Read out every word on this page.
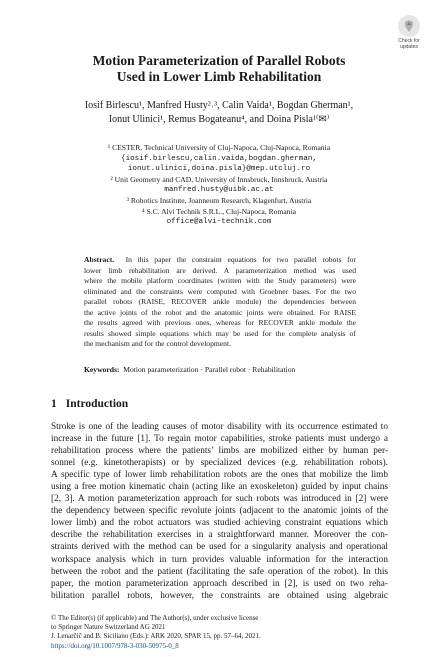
Check for
updates
Motion Parameterization of Parallel Robots
Used in Lower Limb Rehabilitation
Iosif Birlescu¹, Manfred Husty²˒³, Calin Vaida¹, Bogdan Gherman¹,
Ionut Ulinici¹, Remus Bogateanu⁴, and Doina Pisla¹⁽✉⁾
¹ CESTER, Technical University of Cluj-Napoca, Cluj-Napoca, Romania
{iosif.birlescu,calin.vaida,bogdan.gherman,
ionut.ulinici,doina.pisla}@mep.utcluj.ro
² Unit Geometry and CAD, University of Innsbruck, Innsbruck, Austria
manfred.husty@uibk.ac.at
³ Robotics Institute, Joanneum Research, Klagenfurt, Austria
⁴ S.C. Alvi Technik S.R.L., Cluj-Napoca, Romania
office@alvi-technik.com
Abstract. In this paper the constraint equations for two parallel robots for
lower limb rehabilitation are derived. A parameterization method was used
where the mobile platform coordinates (written with the Study parameters) were
eliminated and the constraints were computed with Groebner bases. For the two
parallel robots (RAISE, RECOVER ankle module) the dependencies between
the active joints of the robot and the anatomic joints were obtained. For RAISE
the results agreed with previous ones, whereas for RECOVER ankle module the
results showed simple equations which may be used for the complete analysis of
the mechanism and for the control development.
Keywords: Motion parameterization · Parallel robot · Rehabilitation
1 Introduction
Stroke is one of the leading causes of motor disability with its occurrence estimated to
increase in the future [1]. To regain motor capabilities, stroke patients must undergo a
rehabilitation process where the patients’ limbs are mobilized either by human per-
sonnel (e.g. kinetotherapists) or by specialized devices (e.g. rehabilitation robots).
A specific type of lower limb rehabilitation robots are the ones that mobilize the limb
using a free motion kinematic chain (acting like an exoskeleton) guided by input chains
[2, 3]. A motion parameterization approach for such robots was introduced in [2] were
the dependency between specific revolute joints (adjacent to the anatomic joints of the
lower limb) and the robot actuators was studied achieving constraint equations which
describe the rehabilitation exercises in a straightforward manner. Moreover the con-
straints derived with the method can be used for a singularity analysis and operational
workspace analysis which in turn provides valuable information for the interaction
between the robot and the patient (facilitating the safe operation of the robot). In this
paper, the motion parameterization approach described in [2], is used on two reha-
bilitation parallel robots, however, the constraints are obtained using algebraic
© The Editor(s) (if applicable) and The Author(s), under exclusive license
to Springer Nature Switzerland AG 2021
J. Lenarčič and B. Siciliano (Eds.): ARK 2020, SPAR 15, pp. 57–64, 2021.
https://doi.org/10.1007/978-3-030-50975-0_8
